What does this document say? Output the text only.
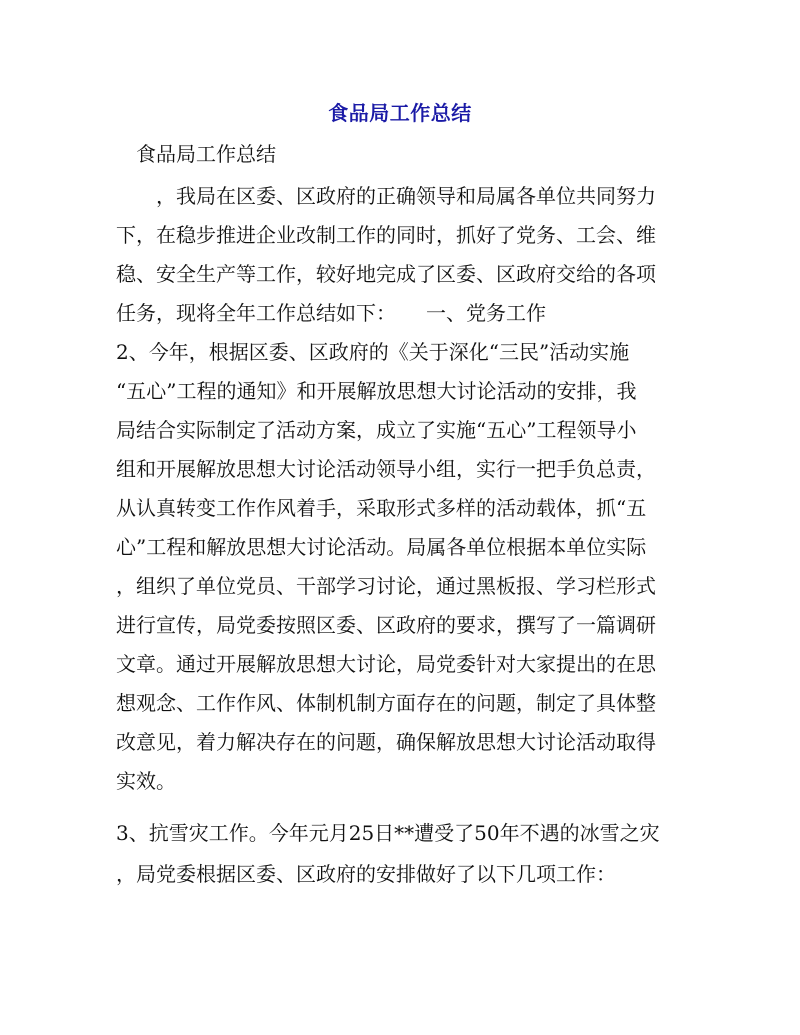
食品局工作总结
　食品局工作总结
　　，我局在区委、区政府的正确领导和局属各单位共同努力
下，在稳步推进企业改制工作的同时，抓好了党务、工会、维
稳、安全生产等工作，较好地完成了区委、区政府交给的各项
任务，现将全年工作总结如下：　　一、党务工作
2、今年，根据区委、区政府的《关于深化“三民”活动实施
“五心”工程的通知》和开展解放思想大讨论活动的安排，我
局结合实际制定了活动方案，成立了实施“五心”工程领导小
组和开展解放思想大讨论活动领导小组，实行一把手负总责，
从认真转变工作作风着手，采取形式多样的活动载体，抓“五
心”工程和解放思想大讨论活动。局属各单位根据本单位实际
，组织了单位党员、干部学习讨论，通过黑板报、学习栏形式
进行宣传，局党委按照区委、区政府的要求，撰写了一篇调研
文章。通过开展解放思想大讨论，局党委针对大家提出的在思
想观念、工作作风、体制机制方面存在的问题，制定了具体整
改意见，着力解决存在的问题，确保解放思想大讨论活动取得
实效。
3、抗雪灾工作。今年元月25日**遭受了50年不遇的冰雪之灾
，局党委根据区委、区政府的安排做好了以下几项工作：
